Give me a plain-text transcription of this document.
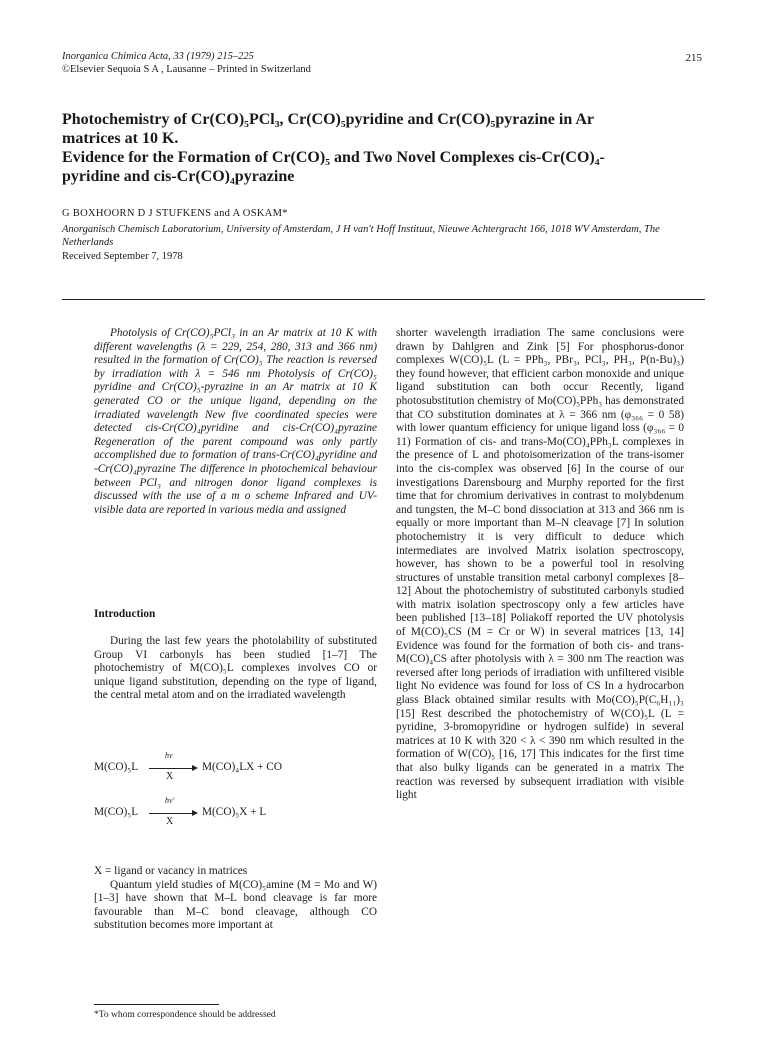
Inorganica Chimica Acta, 33 (1979) 215–225
©Elsevier Sequoia S A , Lausanne – Printed in Switzerland
215
Photochemistry of Cr(CO)₅PCl₃, Cr(CO)₅pyridine and Cr(CO)₅pyrazine in Ar
matrices at 10 K.
Evidence for the Formation of Cr(CO)₅ and Two Novel Complexes cis-Cr(CO)₄-
pyridine and cis-Cr(CO)₄pyrazine
G BOXHOORN D J STUFKENS and A OSKAM*
Anorganisch Chemisch Laboratorium, University of Amsterdam, J H van't Hoff Instituut, Nieuwe Achtergracht 166, 1018 WV Amsterdam, The Netherlands
Received September 7, 1978

Photolysis of Cr(CO)₅PCl₃ in an Ar matrix at 10 K with different wavelengths (λ = 229, 254, 280, 313 and 366 nm) resulted in the formation of Cr(CO)₅ The reaction is reversed by irradiation with λ = 546 nm Photolysis of Cr(CO)₅ pyridine and Cr(CO)₅-pyrazine in an Ar matrix at 10 K generated CO or the unique ligand, depending on the irradiated wavelength New five coordinated species were detected cis-Cr(CO)₄pyridine and cis-Cr(CO)₄pyrazine Regeneration of the parent compound was only partly accomplished due to formation of trans-Cr(CO)₄pyridine and -Cr(CO)₄pyrazine The difference in photochemical behaviour between PCl₃ and nitrogen donor ligand complexes is discussed with the use of a m o scheme Infrared and UV-visible data are reported in various media and assigned

Introduction

During the last few years the photolability of substituted Group VI carbonyls has been studied [1–7] The photochemistry of M(CO)₅L complexes involves CO or unique ligand substitution, depending on the type of ligand, the central metal atom and on the irradiated wavelength

M(CO)₅L
hν
X
M(CO)₄LX + CO
M(CO)₅L
hν'
X
M(CO)₅X + L

X = ligand or vacancy in matrices

Quantum yield studies of M(CO)₅amine (M = Mo and W) [1–3] have shown that M–L bond cleavage is far more favourable than M–C bond cleavage, although CO substitution becomes more important at

shorter wavelength irradiation The same conclusions were drawn by Dahlgren and Zink [5] For phosphorus-donor complexes W(CO)₅L (L = PPh₃, PBr₃, PCl₃, PH₃, P(n-Bu)₃) they found however, that efficient carbon monoxide and unique ligand substitution can both occur Recently, ligand photosubstitution chemistry of Mo(CO)₅PPh₃ has demonstrated that CO substitution dominates at λ = 366 nm (φ₃₆₆ = 0 58) with lower quantum efficiency for unique ligand loss (φ₃₆₆ = 0 11) Formation of cis- and trans-Mo(CO)₄PPh₃L complexes in the presence of L and photoisomerization of the trans-isomer into the cis-complex was observed [6] In the course of our investigations Darensbourg and Murphy reported for the first time that for chromium derivatives in contrast to molybdenum and tungsten, the M–C bond dissociation at 313 and 366 nm is equally or more important than M–N cleavage [7] In solution photochemistry it is very difficult to deduce which intermediates are involved Matrix isolation spectroscopy, however, has shown to be a powerful tool in resolving structures of unstable transition metal carbonyl complexes [8–12] About the photochemistry of substituted carbonyls studied with matrix isolation spectroscopy only a few articles have been published [13–18] Poliakoff reported the UV photolysis of M(CO)₅CS (M = Cr or W) in several matrices [13, 14] Evidence was found for the formation of both cis- and trans-M(CO)₄CS after photolysis with λ = 300 nm The reaction was reversed after long periods of irradiation with unfiltered visible light No evidence was found for loss of CS In a hydrocarbon glass Black obtained similar results with Mo(CO)₅P(C₆H₁₁)₃ [15] Rest described the photochemistry of W(CO)₅L (L = pyridine, 3-bromopyridine or hydrogen sulfide) in several matrices at 10 K with 320 < λ < 390 nm which resulted in the formation of W(CO)₅ [16, 17] This indicates for the first time that also bulky ligands can be generated in a matrix The reaction was reversed by subsequent irradiation with visible light

*To whom correspondence should be addressed
